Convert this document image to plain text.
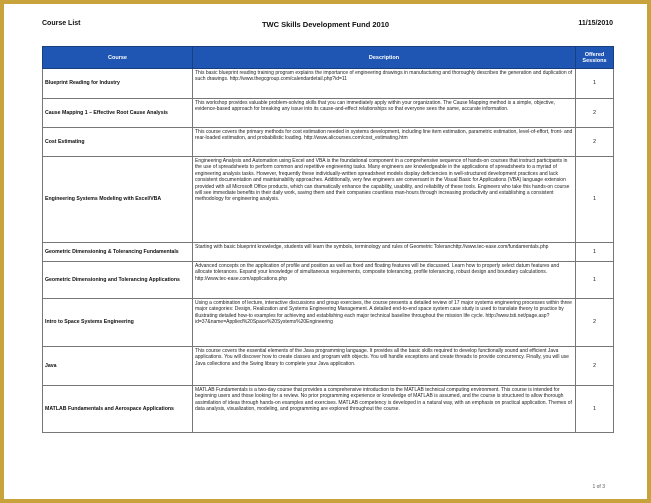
TWC Skills Development Fund 2010
Course List	11/15/2010
Course	Description	Offered Sessions
Blueprint Reading for Industry	This basic blueprint reading training program explains the importance of engineering drawings in manufacturing and thoroughly describes the generation and duplication of such drawings. http://www.thegcgroup.com/calendardetail.php?id=11	1
Cause Mapping 1 – Effective Root Cause Analysis	This workshop provides valuable problem-solving skills that you can immediately apply within your organization. The Cause Mapping method is a simple, objective, evidence-based approach for breaking any issue into its cause-and-effect relationships so that everyone sees the same, accurate information.	2
Cost Estimating	This course covers the primary methods for cost estimation needed in systems development, including line item estimation, parametric estimation, level-of-effort, front- and rear-loaded estimation, and probabilistic loading. http://www.alicourses.com/cost_estimating.htm	2
Engineering Systems Modeling with Excel/VBA	Engineering Analysis and Automation using Excel and VBA is the foundational component in a comprehensive sequence of hands-on courses that instruct participants in the use of spreadsheets to perform common and repetitive engineering tasks. Many engineers are knowledgeable in the applications of spreadsheets to a myriad of engineering analysis tasks. However, frequently these individually-written spreadsheet models display deficiencies in well-structured development practices and lack consistent documentation and maintainability approaches. Additionally, very few engineers are conversant in the Visual Basic for Applications (VBA) language extension provided with all Microsoft Office products, which can dramatically enhance the capability, usability, and reliability of these tools. Engineers who take this hands-on course will see immediate benefits in their daily work, saving them and their companies countless man-hours through increasing productivity and establishing a consistent methodology for engineering analysis.	1
Geometric Dimensioning & Tolerancing Fundamentals	Starting with basic blueprint knowledge, students will learn the symbols, terminology and rules of Geometric Toleranchttp://www.tec-ease.com/fundamentals.php	1
Geometric Dimensioning and Tolerancing Applications	Advanced concepts on the application of profile and position as well as fixed and floating features will be discussed. Learn how to properly select datum features and allocate tolerances. Expand your knowledge of simultaneous requirements, composite tolerancing, profile tolerancing, robust design and boundary calculations. http://www.tec-ease.com/applications.php	1
Intro to Space Systems Engineering	Using a combination of lecture, interactive discussions and group exercises, the course presents a detailed review of 17 major systems engineering processes within three major categories: Design, Realization and Systems Engineering Management. A detailed end-to-end space system case study is used to translate theory to practice by illustrating detailed how-to examples for achieving and establishing each major technical baseline throughout the mission life cycle. http://www.tsti.net/page.asp?id=37&name=Applied%20Space%20Systems%20Engineering	2
Java	This course covers the essential elements of the Java programming language. It provides all the basic skills required to develop functionally sound and efficient Java applications. You will discover how to create classes and program with objects. You will handle exceptions and create threads to provide concurrency. Finally, you will use Java collections and the Swing library to complete your Java application.	2
MATLAB Fundamentals and Aerospace Applications	MATLAB Fundamentals is a two-day course that provides a comprehensive introduction to the MATLAB technical computing environment. This course is intended for beginning users and those looking for a review. No prior programming experience or knowledge of MATLAB is assumed, and the course is structured to allow thorough assimilation of ideas through hands-on examples and exercises. MATLAB competency is developed in a natural way, with an emphasis on practical application. Themes of data analysis, visualization, modeling, and programming are explored throughout the course.	1
1 of 3
